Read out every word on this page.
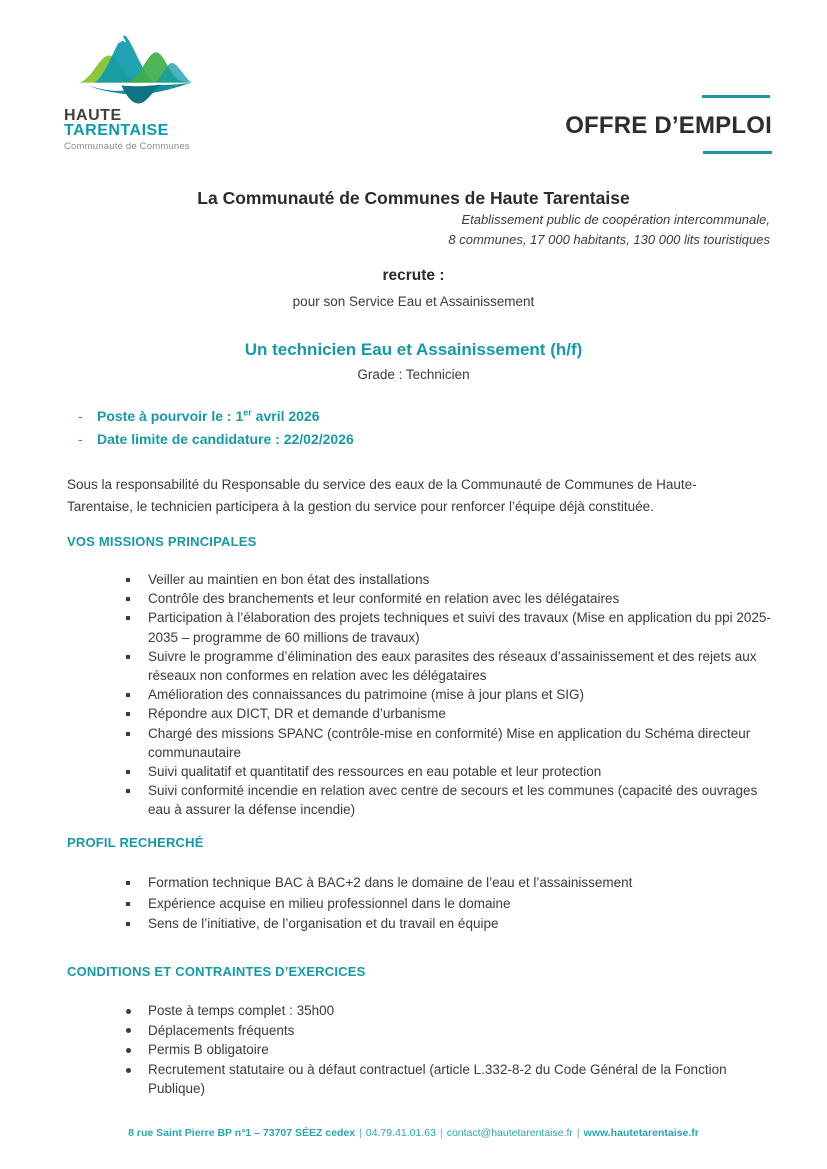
HAUTE
TARENTAISE
Communauté de Communes
OFFRE D’EMPLOI
La Communauté de Communes de Haute Tarentaise
Etablissement public de coopération intercommunale,
8 communes, 17 000 habitants, 130 000 lits touristiques
recrute :
pour son Service Eau et Assainissement
Un technicien Eau et Assainissement (h/f)
Grade : Technicien
-	Poste à pourvoir le : 1er avril 2026
-	Date limite de candidature : 22/02/2026
Sous la responsabilité du Responsable du service des eaux de la Communauté de Communes de Haute-Tarentaise, le technicien participera à la gestion du service pour renforcer l’équipe déjà constituée.
VOS MISSIONS PRINCIPALES
Veiller au maintien en bon état des installations
Contrôle des branchements et leur conformité en relation avec les délégataires
Participation à l’élaboration des projets techniques et suivi des travaux (Mise en application du ppi 2025-2035 – programme de 60 millions de travaux)
Suivre le programme d’élimination des eaux parasites des réseaux d’assainissement et des rejets aux réseaux non conformes en relation avec les délégataires
Amélioration des connaissances du patrimoine (mise à jour plans et SIG)
Répondre aux DICT, DR et demande d’urbanisme
Chargé des missions SPANC (contrôle-mise en conformité) Mise en application du Schéma directeur communautaire
Suivi qualitatif et quantitatif des ressources en eau potable et leur protection
Suivi conformité incendie en relation avec centre de secours et les communes (capacité des ouvrages eau à assurer la défense incendie)
PROFIL RECHERCHÉ
Formation technique BAC à BAC+2 dans le domaine de l’eau et l’assainissement
Expérience acquise en milieu professionnel dans le domaine
Sens de l’initiative, de l’organisation et du travail en équipe
CONDITIONS ET CONTRAINTES D’EXERCICES
Poste à temps complet : 35h00
Déplacements fréquents
Permis B obligatoire
Recrutement statutaire ou à défaut contractuel (article L.332-8-2 du Code Général de la Fonction Publique)
8 rue Saint Pierre BP n°1 – 73707 SÉEZ cedex | 04.79.41.01.63 | contact@hautetarentaise.fr | www.hautetarentaise.fr
